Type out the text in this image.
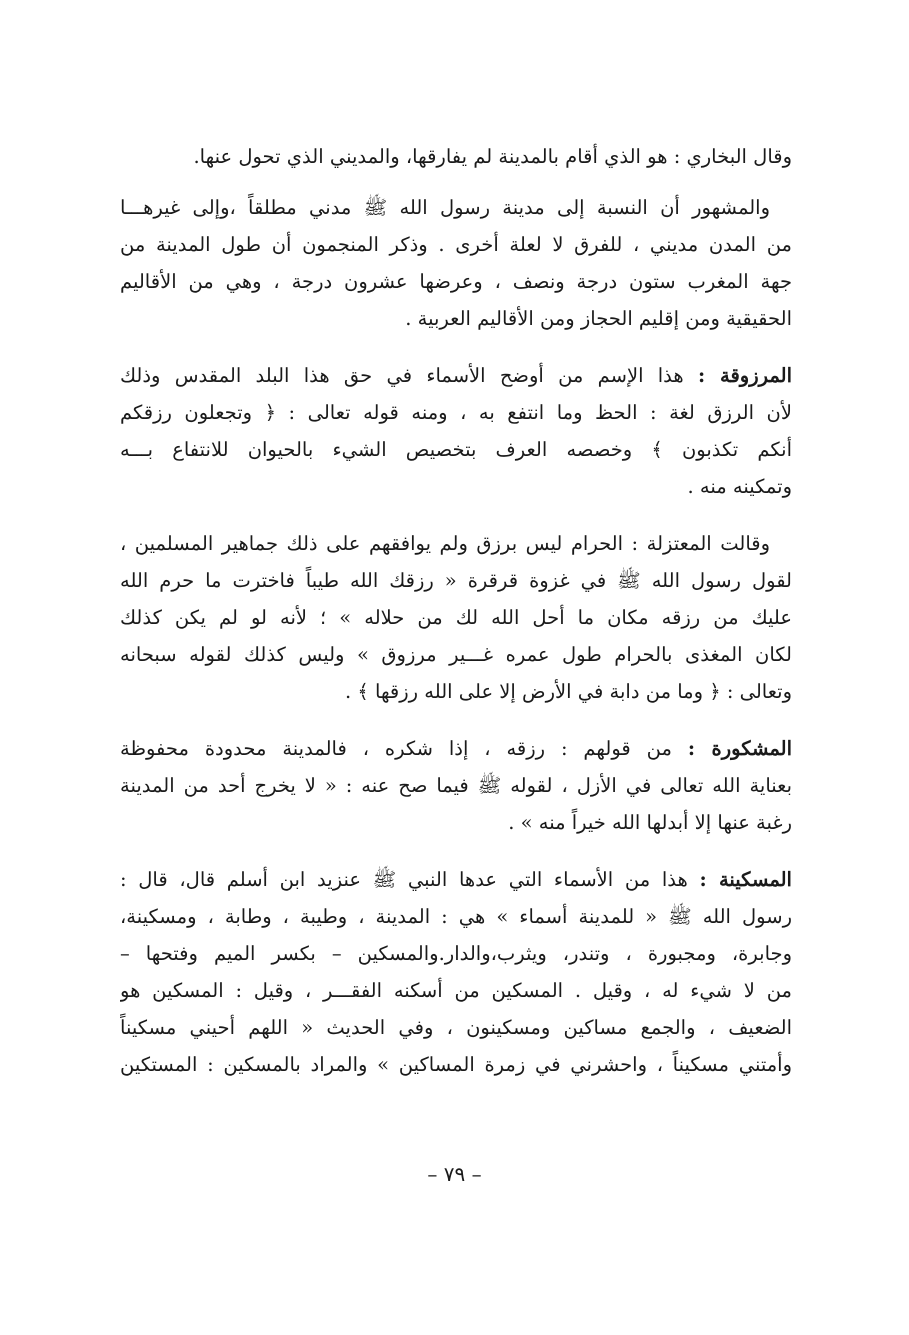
وقال البخاري : هو الذي أقام بالمدينة لم يفارقها، والمديني الذي تحول عنها.
والمشهور أن النسبة إلى مدينة رسول الله ﷺ مدني مطلقاً ،وإلى غيرهـــا
من المدن مديني ، للفرق لا لعلة أخرى . وذكر المنجمون أن طول المدينة من
جهة المغرب ستون درجة ونصف ، وعرضها عشرون درجة ، وهي من الأقاليم
الحقيقية ومن إقليم الحجاز ومن الأقاليم العربية .
المرزوقة : هذا الإسم من أوضح الأسماء في حق هذا البلد المقدس وذلك
لأن الرزق لغة : الحظ وما انتفع به ، ومنه قوله تعالى : ﴿ وتجعلون رزقكم
أنكم تكذبون ﴾ وخصصه العرف بتخصيص الشيء بالحيوان للانتفاع بـــه
وتمكينه منه .
وقالت المعتزلة : الحرام ليس برزق ولم يوافقهم على ذلك جماهير المسلمين ،
لقول رسول الله ﷺ في غزوة قرقرة « رزقك الله طيباً فاخترت ما حرم الله
عليك من رزقه مكان ما أحل الله لك من حلاله » ؛ لأنه لو لم يكن كذلك
لكان المغذى بالحرام طول عمره غـــير مرزوق » وليس كذلك لقوله سبحانه
وتعالى : ﴿ وما من دابة في الأرض إلا على الله رزقها ﴾ .
المشكورة : من قولهم : رزقه ، إذا شكره ، فالمدينة محدودة محفوظة
بعناية الله تعالى في الأزل ، لقوله ﷺ فيما صح عنه : « لا يخرج أحد من المدينة
رغبة عنها إلا أبدلها الله خيراً منه » .
المسكينة : هذا من الأسماء التي عدها النبي ﷺ عنزيد ابن أسلم قال، قال :
رسول الله ﷺ « للمدينة أسماء » هي : المدينة ، وطيبة ، وطابة ، ومسكينة،
وجابرة، ومجبورة ، وتندر، ويثرب،والدار.والمسكين – بكسر الميم وفتحها –
من لا شيء له ، وقيل . المسكين من أسكنه الفقـــر ، وقيل : المسكين هو
الضعيف ، والجمع مساكين ومسكينون ، وفي الحديث « اللهم أحيني مسكيناً
وأمتني مسكيناً ، واحشرني في زمرة المساكين » والمراد بالمسكين : المستكين
– ٧٩ –
